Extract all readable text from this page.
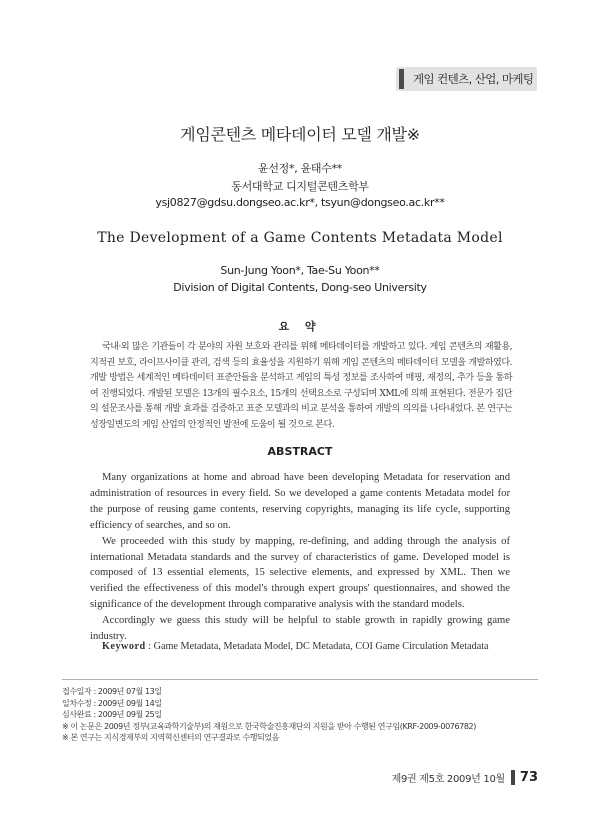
게임 컨텐츠, 산업, 마케팅
게임콘텐츠 메타데이터 모델 개발※
윤선정*, 윤태수**
동서대학교 디지털콘텐츠학부
ysj0827@gdsu.dongseo.ac.kr*, tsyun@dongseo.ac.kr**
The Development of a Game Contents Metadata Model
Sun-Jung Yoon*, Tae-Su Yoon**
Division of Digital Contents, Dong-seo University
요 약

국내·외 많은 기관들이 각 분야의 자원 보호와 관리를 위해 메타데이터를 개발하고 있다. 게임 콘텐츠의 재활용, 지적권 보호, 라이프사이클 관리, 검색 등의 효율성을 지원하기 위해 게임 콘텐츠의 메타데이터 모델을 개발하였다. 개발 방법은 세계적인 메타데이터 표준안들을 분석하고 게임의 특성 정보를 조사하여 매핑, 재정의, 추가 등을 통하여 진행되었다. 개발된 모델은 13개의 필수요소, 15개의 선택요소로 구성되며 XML에 의해 표현된다. 전문가 집단의 설문조사를 통해 개발 효과를 검증하고 표준 모델과의 비교 분석을 통하여 개발의 의의를 나타내었다. 본 연구는 성장일변도의 게임 산업의 안정적인 발전에 도움이 될 것으로 본다.

ABSTRACT

Many organizations at home and abroad have been developing Metadata for reservation and administration of resources in every field. So we developed a game contents Metadata model for the purpose of reusing game contents, reserving copyrights, managing its life cycle, supporting efficiency of searches, and so on.

We proceeded with this study by mapping, re-defining, and adding through the analysis of international Metadata standards and the survey of characteristics of game. Developed model is composed of 13 essential elements, 15 selective elements, and expressed by XML. Then we verified the effectiveness of this model's through expert groups' questionnaires, and showed the significance of the development through comparative analysis with the standard models.

Accordingly we guess this study will be helpful to stable growth in rapidly growing game industry.

Keyword : Game Metadata, Metadata Model, DC Metadata, COI Game Circulation Metadata
접수일자 : 2009년 07월 13일
일차수정 : 2009년 09월 14일
심사완료 : 2009년 09월 25일
※ 이 논문은 2009년 정부(교육과학기술부)의 재원으로 한국학술진흥재단의 지원을 받아 수행된 연구임(KRF-2009-0076782)
※ 본 연구는 지식경제부의 지역혁신센터의 연구결과로 수행되었음
제9권 제5호 2009년 10월 73
